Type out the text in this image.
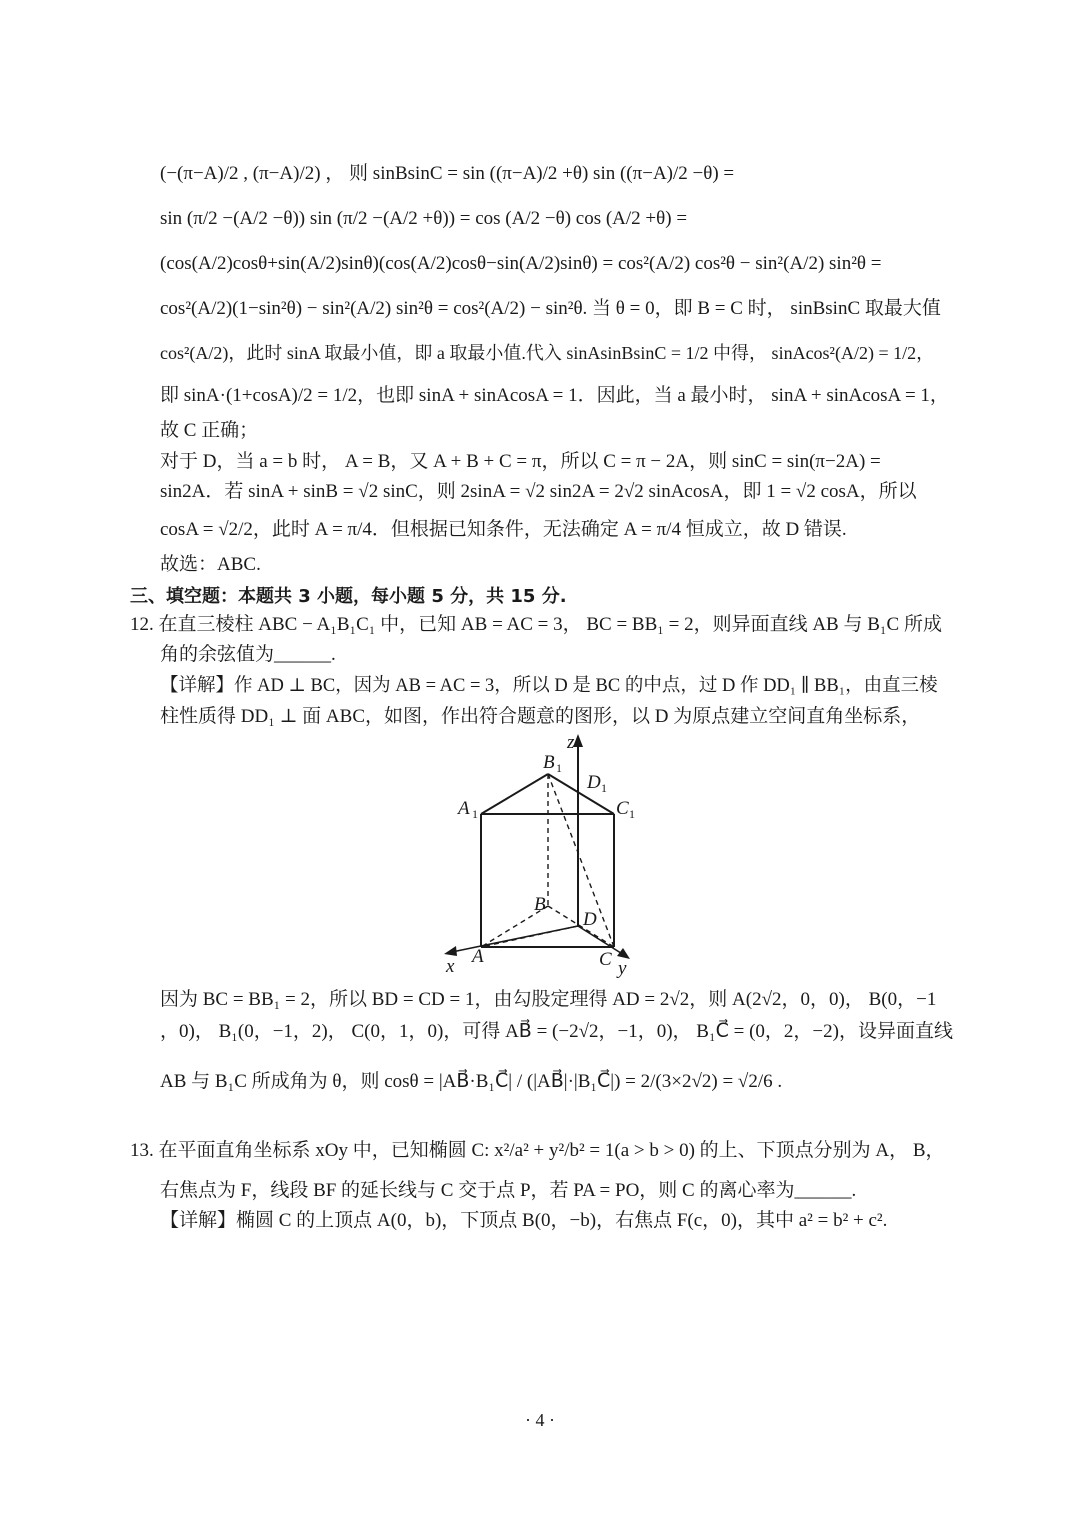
(−(π−A)/2 , (π−A)/2) ， 则 sinBsinC = sin ((π−A)/2 +θ) sin ((π−A)/2 −θ) =
sin (π/2 −(A/2 −θ)) sin (π/2 −(A/2 +θ)) = cos (A/2 −θ) cos (A/2 +θ) =
(cos(A/2)cosθ+sin(A/2)sinθ)(cos(A/2)cosθ−sin(A/2)sinθ) = cos²(A/2) cos²θ − sin²(A/2) sin²θ =
cos²(A/2)(1−sin²θ) − sin²(A/2) sin²θ = cos²(A/2) − sin²θ. 当 θ = 0，即 B = C 时， sinBsinC 取最大值
cos²(A/2)，此时 sinA 取最小值，即 a 取最小值.代入 sinAsinBsinC = 1/2 中得， sinAcos²(A/2) = 1/2，
即 sinA·(1+cosA)/2 = 1/2，也即 sinA + sinAcosA = 1．因此，当 a 最小时， sinA + sinAcosA = 1，
故 C 正确；
对于 D，当 a = b 时， A = B，又 A + B + C = π，所以 C = π − 2A，则 sinC = sin(π−2A) =
sin2A．若 sinA + sinB = √2 sinC，则 2sinA = √2 sin2A = 2√2 sinAcosA，即 1 = √2 cosA，所以
cosA = √2/2，此时 A = π/4．但根据已知条件，无法确定 A = π/4 恒成立，故 D 错误.
故选：ABC.
三、填空题：本题共 3 小题，每小题 5 分，共 15 分.
12. 在直三棱柱 ABC − A₁B₁C₁ 中，已知 AB = AC = 3， BC = BB₁ = 2，则异面直线 AB 与 B₁C 所成
角的余弦值为______.
【详解】作 AD ⊥ BC，因为 AB = AC = 3，所以 D 是 BC 的中点，过 D 作 DD₁ ∥ BB₁，由直三棱
柱性质得 DD₁ ⊥ 面 ABC，如图，作出符合题意的图形，以 D 为原点建立空间直角坐标系，
z
B 1
D 1
A 1	C 1
B
D
x A	C y
因为 BC = BB₁ = 2，所以 BD = CD = 1，由勾股定理得 AD = 2√2，则 A(2√2，0，0)， B(0，−1
，0)， B₁(0，−1，2)， C(0，1，0)，可得 AB⃗ = (−2√2，−1，0)， B₁C⃗ = (0，2，−2)，设异面直线
AB 与 B₁C 所成角为 θ，则 cosθ = |AB⃗·B₁C⃗| / (|AB⃗|·|B₁C⃗|) = 2/(3×2√2) = √2/6 .
13. 在平面直角坐标系 xOy 中，已知椭圆 C: x²/a² + y²/b² = 1(a > b > 0) 的上、下顶点分别为 A， B，
右焦点为 F，线段 BF 的延长线与 C 交于点 P，若 PA = PO，则 C 的离心率为______.
【详解】椭圆 C 的上顶点 A(0，b)，下顶点 B(0，−b)，右焦点 F(c，0)，其中 a² = b² + c².
· 4 ·
